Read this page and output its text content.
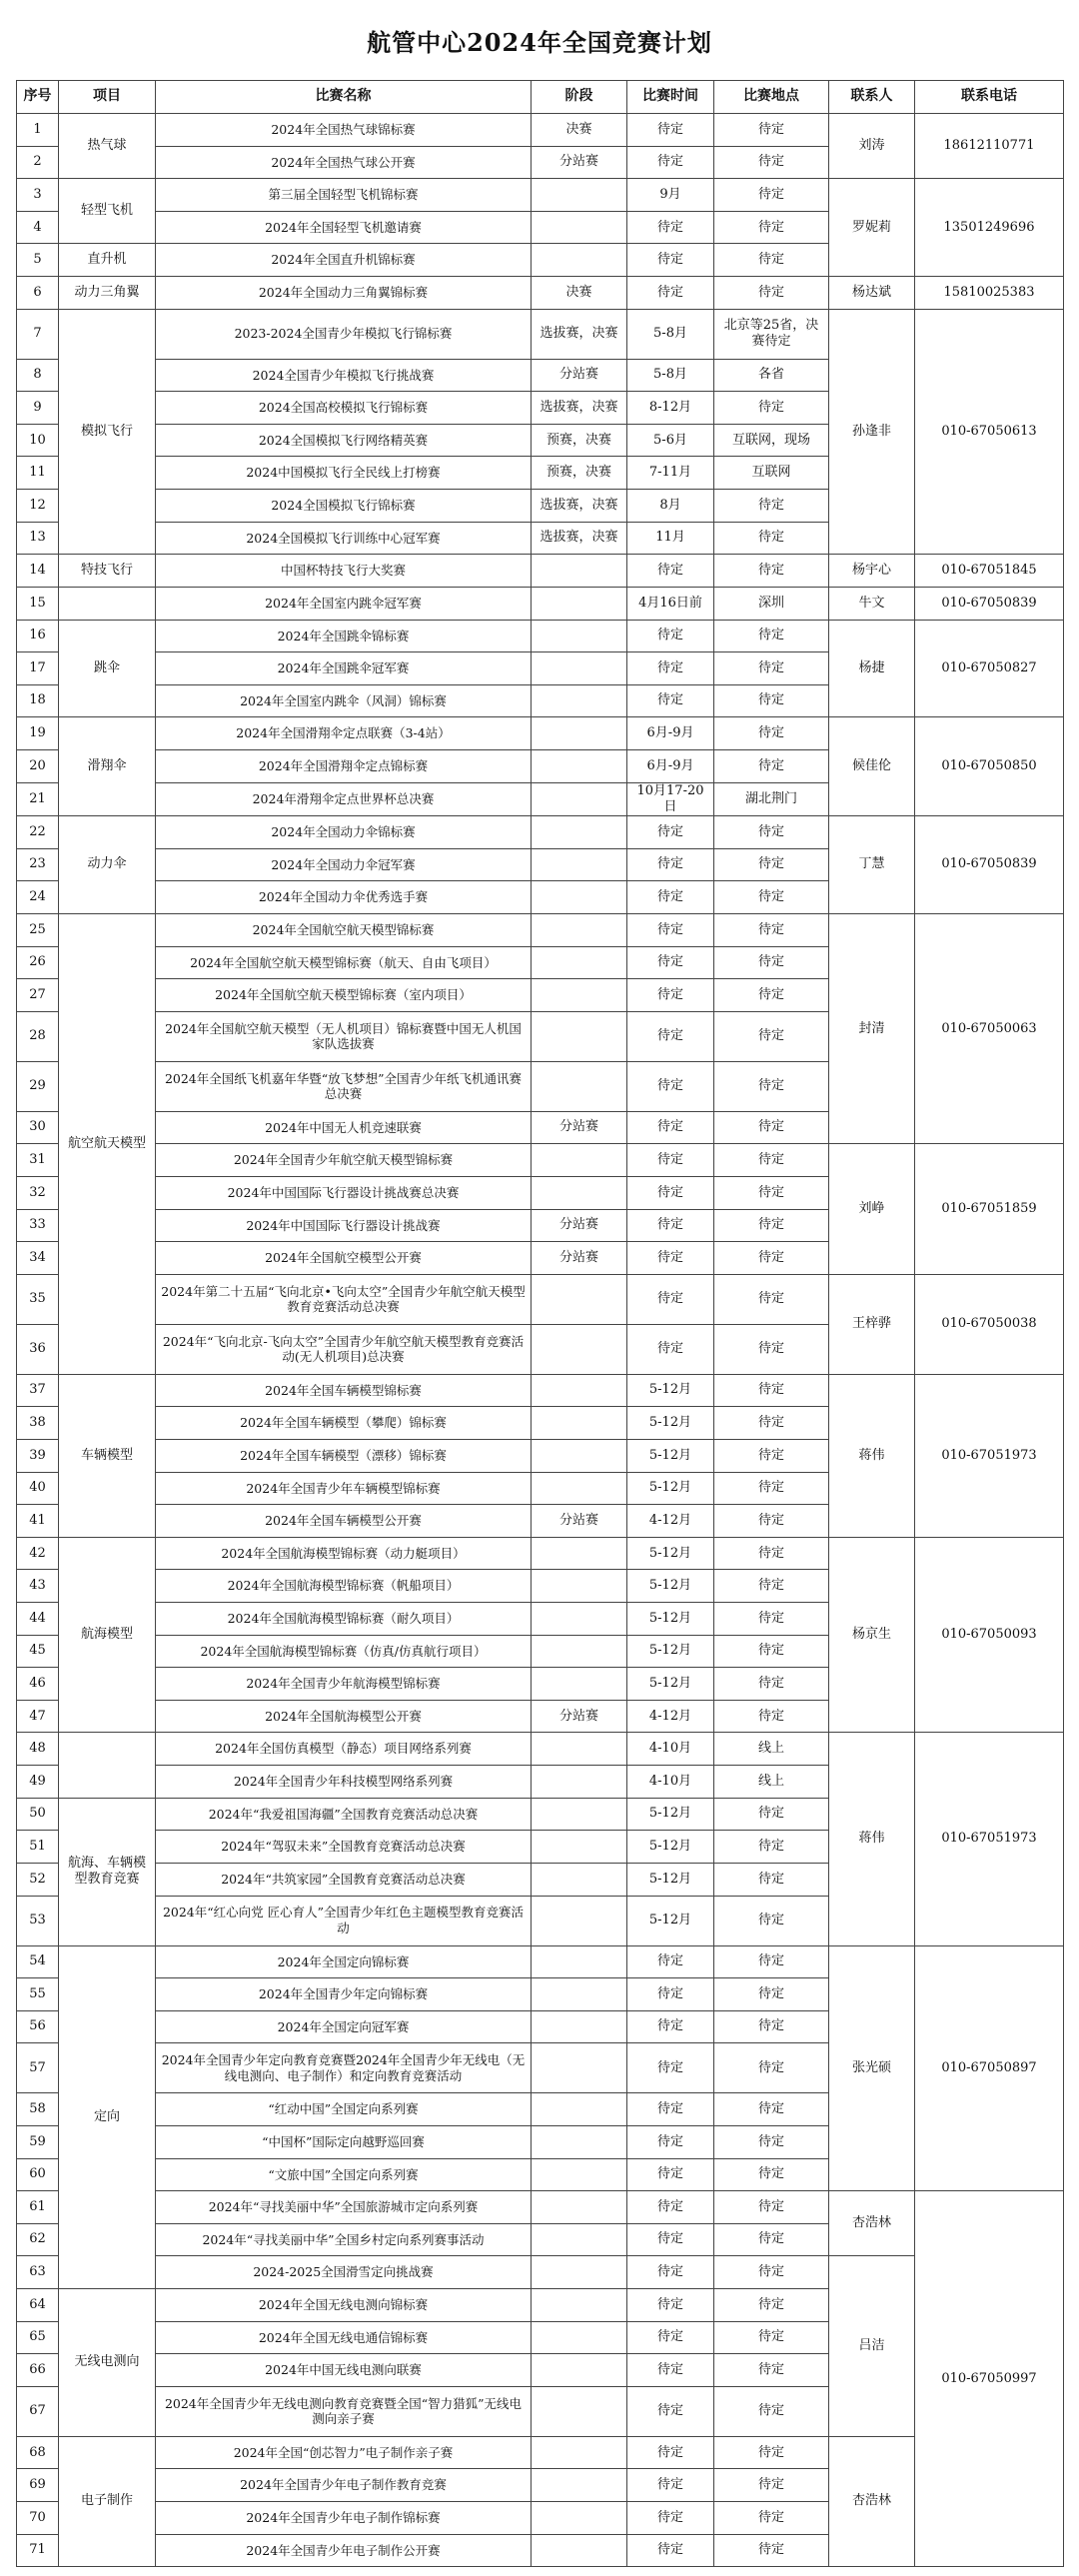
航管中心2024年全国竞赛计划
序号	项目	比赛名称	阶段	比赛时间	比赛地点	联系人	联系电话
1	热气球	2024年全国热气球锦标赛	决赛	待定	待定	刘涛	18612110771
2		2024年全国热气球公开赛	分站赛	待定	待定		
3	轻型飞机	第三届全国轻型飞机锦标赛		9月	待定	罗妮莉	13501249696
4		2024年全国轻型飞机邀请赛		待定	待定		
5	直升机	2024年全国直升机锦标赛		待定	待定		
6	动力三角翼	2024年全国动力三角翼锦标赛	决赛	待定	待定	杨达斌	15810025383
7	模拟飞行	2023-2024全国青少年模拟飞行锦标赛	选拔赛，决赛	5-8月	北京等25省，决赛待定	孙逢非	010-67050613
8		2024全国青少年模拟飞行挑战赛	分站赛	5-8月	各省		
9		2024全国高校模拟飞行锦标赛	选拔赛，决赛	8-12月	待定		
10		2024全国模拟飞行网络精英赛	预赛，决赛	5-6月	互联网，现场		
11		2024中国模拟飞行全民线上打榜赛	预赛，决赛	7-11月	互联网		
12		2024全国模拟飞行锦标赛	选拔赛，决赛	8月	待定		
13		2024全国模拟飞行训练中心冠军赛	选拔赛，决赛	11月	待定		
14	特技飞行	中国杯特技飞行大奖赛		待定	待定	杨宇心	010-67051845
15		2024年全国室内跳伞冠军赛		4月16日前	深圳	牛文	010-67050839
16	跳伞	2024年全国跳伞锦标赛		待定	待定	杨捷	010-67050827
17		2024年全国跳伞冠军赛		待定	待定		
18		2024年全国室内跳伞（风洞）锦标赛		待定	待定		
19	滑翔伞	2024年全国滑翔伞定点联赛（3-4站）		6月-9月	待定	候佳伦	010-67050850
20		2024年全国滑翔伞定点锦标赛		6月-9月	待定		
21		2024年滑翔伞定点世界杯总决赛		10月17-20日	湖北荆门		
22	动力伞	2024年全国动力伞锦标赛		待定	待定	丁慧	010-67050839
23		2024年全国动力伞冠军赛		待定	待定		
24		2024年全国动力伞优秀选手赛		待定	待定		
25	航空航天模型	2024年全国航空航天模型锦标赛		待定	待定	封清	010-67050063
26		2024年全国航空航天模型锦标赛（航天、自由飞项目）		待定	待定		
27		2024年全国航空航天模型锦标赛（室内项目）		待定	待定		
28		2024年全国航空航天模型（无人机项目）锦标赛暨中国无人机国家队选拔赛		待定	待定		
29		2024年全国纸飞机嘉年华暨“放飞梦想”全国青少年纸飞机通讯赛总决赛		待定	待定		
30		2024年中国无人机竞速联赛	分站赛	待定	待定		
31		2024年全国青少年航空航天模型锦标赛		待定	待定	刘峥	010-67051859
32		2024年中国国际飞行器设计挑战赛总决赛		待定	待定		
33		2024年中国国际飞行器设计挑战赛	分站赛	待定	待定		
34		2024年全国航空模型公开赛	分站赛	待定	待定		
35		2024年第二十五届“飞向北京•飞向太空”全国青少年航空航天模型教育竞赛活动总决赛		待定	待定	王梓骅	010-67050038
36		2024年“飞向北京-飞向太空”全国青少年航空航天模型教育竞赛活动(无人机项目)总决赛		待定	待定		
37	车辆模型	2024年全国车辆模型锦标赛		5-12月	待定	蒋伟	010-67051973
38		2024年全国车辆模型（攀爬）锦标赛		5-12月	待定		
39		2024年全国车辆模型（漂移）锦标赛		5-12月	待定		
40		2024年全国青少年车辆模型锦标赛		5-12月	待定		
41		2024年全国车辆模型公开赛	分站赛	4-12月	待定		
42	航海模型	2024年全国航海模型锦标赛（动力艇项目）		5-12月	待定	杨京生	010-67050093
43		2024年全国航海模型锦标赛（帆船项目）		5-12月	待定		
44		2024年全国航海模型锦标赛（耐久项目）		5-12月	待定		
45		2024年全国航海模型锦标赛（仿真/仿真航行项目）		5-12月	待定		
46		2024年全国青少年航海模型锦标赛		5-12月	待定		
47		2024年全国航海模型公开赛	分站赛	4-12月	待定		
48		2024年全国仿真模型（静态）项目网络系列赛		4-10月	线上	蒋伟	010-67051973
49		2024年全国青少年科技模型网络系列赛		4-10月	线上		
50	航海、车辆模型教育竞赛	2024年“我爱祖国海疆”全国教育竞赛活动总决赛		5-12月	待定		
51		2024年“驾驭未来”全国教育竞赛活动总决赛		5-12月	待定		
52		2024年“共筑家园”全国教育竞赛活动总决赛		5-12月	待定		
53		2024年“红心向党 匠心育人”全国青少年红色主题模型教育竞赛活动		5-12月	待定		
54	定向	2024年全国定向锦标赛		待定	待定	张光硕	010-67050897
55		2024年全国青少年定向锦标赛		待定	待定		
56		2024年全国定向冠军赛		待定	待定		
57		2024年全国青少年定向教育竞赛暨2024年全国青少年无线电（无线电测向、电子制作）和定向教育竞赛活动		待定	待定		
58		“红动中国”全国定向系列赛		待定	待定		
59		“中国杯”国际定向越野巡回赛		待定	待定		
60		“文旅中国”全国定向系列赛		待定	待定		
61		2024年“寻找美丽中华”全国旅游城市定向系列赛		待定	待定	杏浩林	010-67050997
62		2024年“寻找美丽中华”全国乡村定向系列赛事活动		待定	待定		
63		2024-2025全国滑雪定向挑战赛		待定	待定	吕洁	
64	无线电测向	2024年全国无线电测向锦标赛		待定	待定		
65		2024年全国无线电通信锦标赛		待定	待定		
66		2024年中国无线电测向联赛		待定	待定		
67		2024年全国青少年无线电测向教育竞赛暨全国“智力猎狐”无线电测向亲子赛		待定	待定		
68	电子制作	2024年全国“创芯智力”电子制作亲子赛		待定	待定	杏浩林	
69		2024年全国青少年电子制作教育竞赛		待定	待定		
70		2024年全国青少年电子制作锦标赛		待定	待定		
71		2024年全国青少年电子制作公开赛		待定	待定		
